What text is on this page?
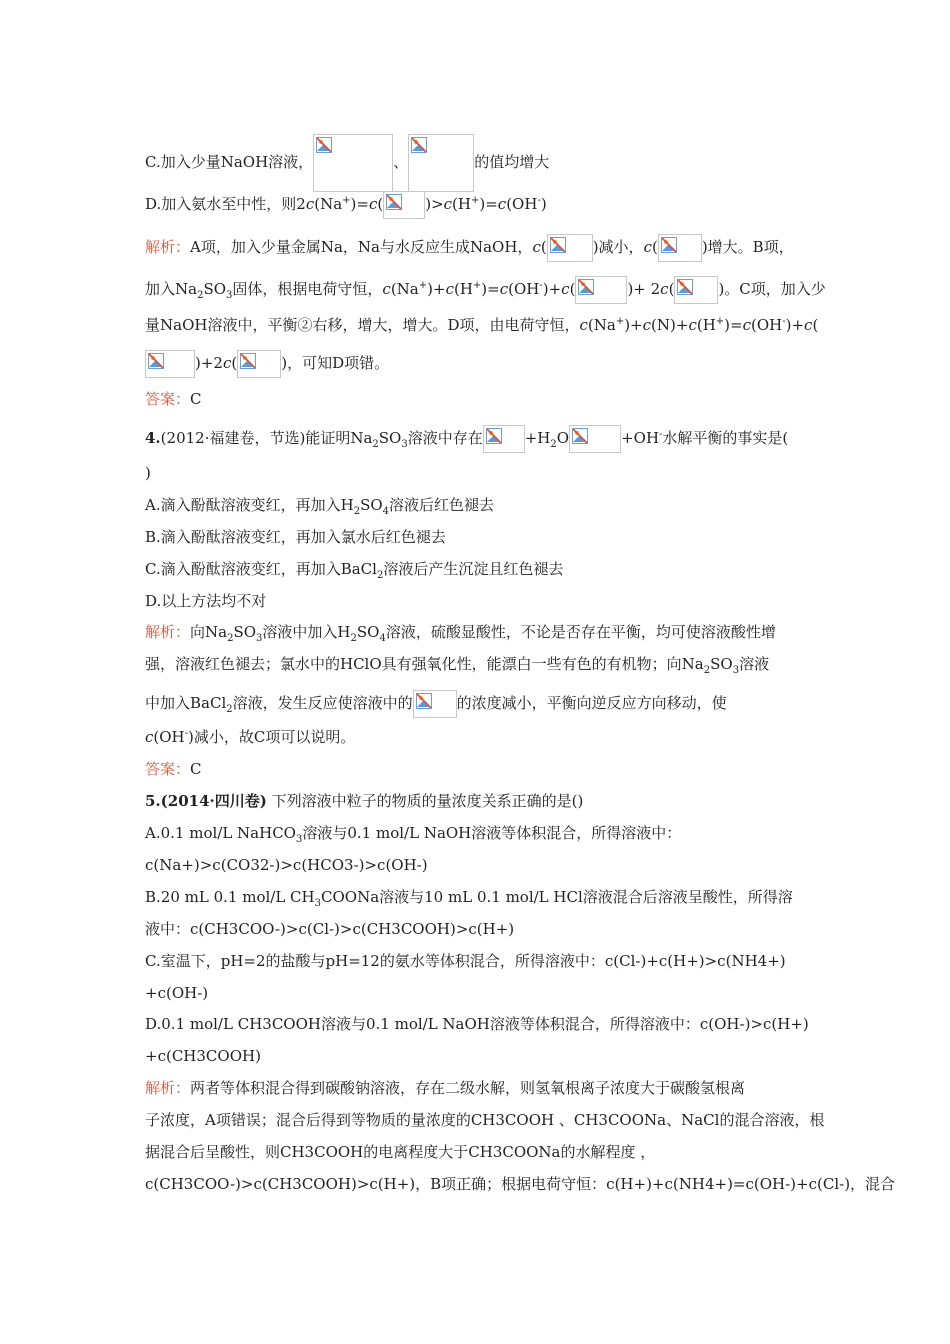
C.加入少量NaOH溶液，	、	的值均增大
D.加入氨水至中性，则2c(Na+)=c(	)>c(H+)=c(OH-)
解析：A项，加入少量金属Na，Na与水反应生成NaOH，c(	)减小，c(	)增大。B项，
加入$Na_2SO_3$固体，根据电荷守恒，c(Na+)+c(H+)=c(OH-)+c(	)+ 2c(	)。C项，加入少
量NaOH溶液中，平衡②右移，增大，增大。D项，由电荷守恒，c(Na+)+c(N)+c(H+)=c(OH-)+c(
)+2c(	)，可知D项错。
答案：C
4.(2012·福建卷，节选)能证明$Na_2SO_3$溶液中存在	$+H_2O$	+OH-水解平衡的事实是(
)
A.滴入酚酞溶液变红，再加入$H_2SO_4$溶液后红色褪去
B.滴入酚酞溶液变红，再加入氯水后红色褪去
C.滴入酚酞溶液变红，再加入BaCl$_2$溶液后产生沉淀且红色褪去
D.以上方法均不对
解析：向$Na_2SO_3$溶液中加入$H_2SO_4$溶液，硫酸显酸性，不论是否存在平衡，均可使溶液酸性增
强，溶液红色褪去；氯水中的HClO具有强氧化性，能漂白一些有色的有机物；向$Na_2SO_3$溶液
中加入BaCl$_2$溶液，发生反应使溶液中的	的浓度减小，平衡向逆反应方向移动，使
c(OH-)减小，故C项可以说明。
答案：C
5.(2014·四川卷) 下列溶液中粒子的物质的量浓度关系正确的是()
A.0.1 mol/L NaHCO$_3$溶液与0.1 mol/L NaOH溶液等体积混合，所得溶液中：
c(Na+)>c(CO32-)>c(HCO3-)>c(OH-)
B.20 mL 0.1 mol/L $CH_3COONa$溶液与10 mL 0.1 mol/L HCl溶液混合后溶液呈酸性，所得溶
液中：c(CH3COO-)>c(Cl-)>c(CH3COOH)>c(H+)
C.室温下，pH=2的盐酸与pH=12的氨水等体积混合，所得溶液中：c(Cl-)+c(H+)>c(NH4+)
+c(OH-)
D.0.1 mol/L CH3COOH溶液与0.1 mol/L NaOH溶液等体积混合，所得溶液中：c(OH-)>c(H+)
+c(CH3COOH)
解析：两者等体积混合得到碳酸钠溶液，存在二级水解，则氢氧根离子浓度大于碳酸氢根离
子浓度，A项错误；混合后得到等物质的量浓度的CH3COOH 、CH3COONa、NaCl的混合溶液，根
据混合后呈酸性，则CH3COOH的电离程度大于CH3COONa的水解程度 ，
c(CH3COO-)>c(CH3COOH)>c(H+)，B项正确；根据电荷守恒：c(H+)+c(NH4+)=c(OH-)+c(Cl-)，混合
